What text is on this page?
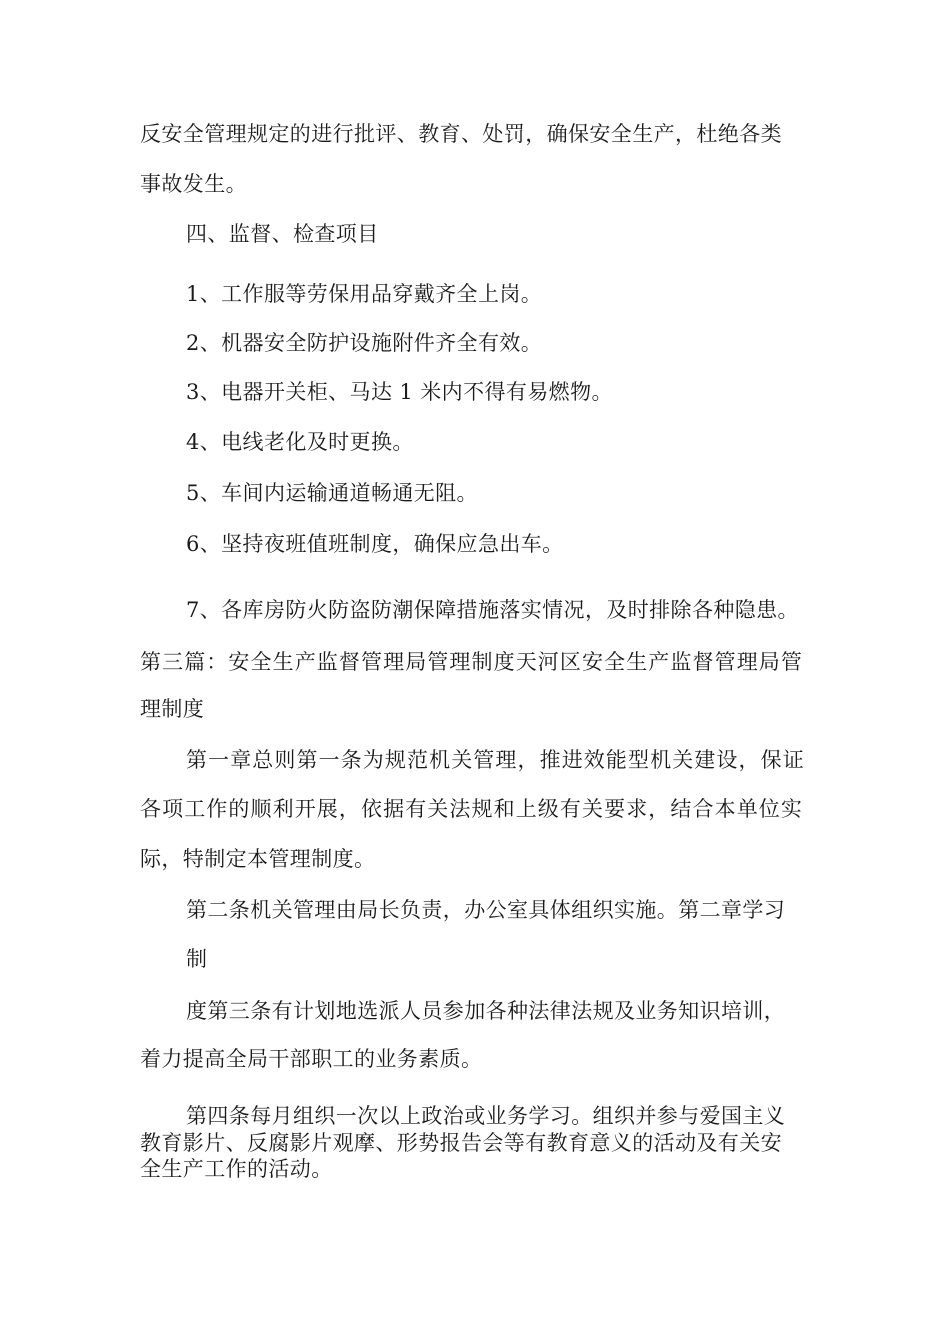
反安全管理规定的进行批评、教育、处罚，确保安全生产，杜绝各类
事故发生。
四、监督、检查项目
1、工作服等劳保用品穿戴齐全上岗。
2、机器安全防护设施附件齐全有效。
3、电器开关柜、马达 1 米内不得有易燃物。
4、电线老化及时更换。
5、车间内运输通道畅通无阻。
6、坚持夜班值班制度，确保应急出车。
7、各库房防火防盗防潮保障措施落实情况，及时排除各种隐患。
第三篇：安全生产监督管理局管理制度天河区安全生产监督管理局管
理制度
第一章总则第一条为规范机关管理，推进效能型机关建设，保证
各项工作的顺利开展，依据有关法规和上级有关要求，结合本单位实
际，特制定本管理制度。
第二条机关管理由局长负责，办公室具体组织实施。第二章学习
制
度第三条有计划地选派人员参加各种法律法规及业务知识培训，
着力提高全局干部职工的业务素质。
第四条每月组织一次以上政治或业务学习。组织并参与爱国主义
教育影片、反腐影片观摩、形势报告会等有教育意义的活动及有关安
全生产工作的活动。
